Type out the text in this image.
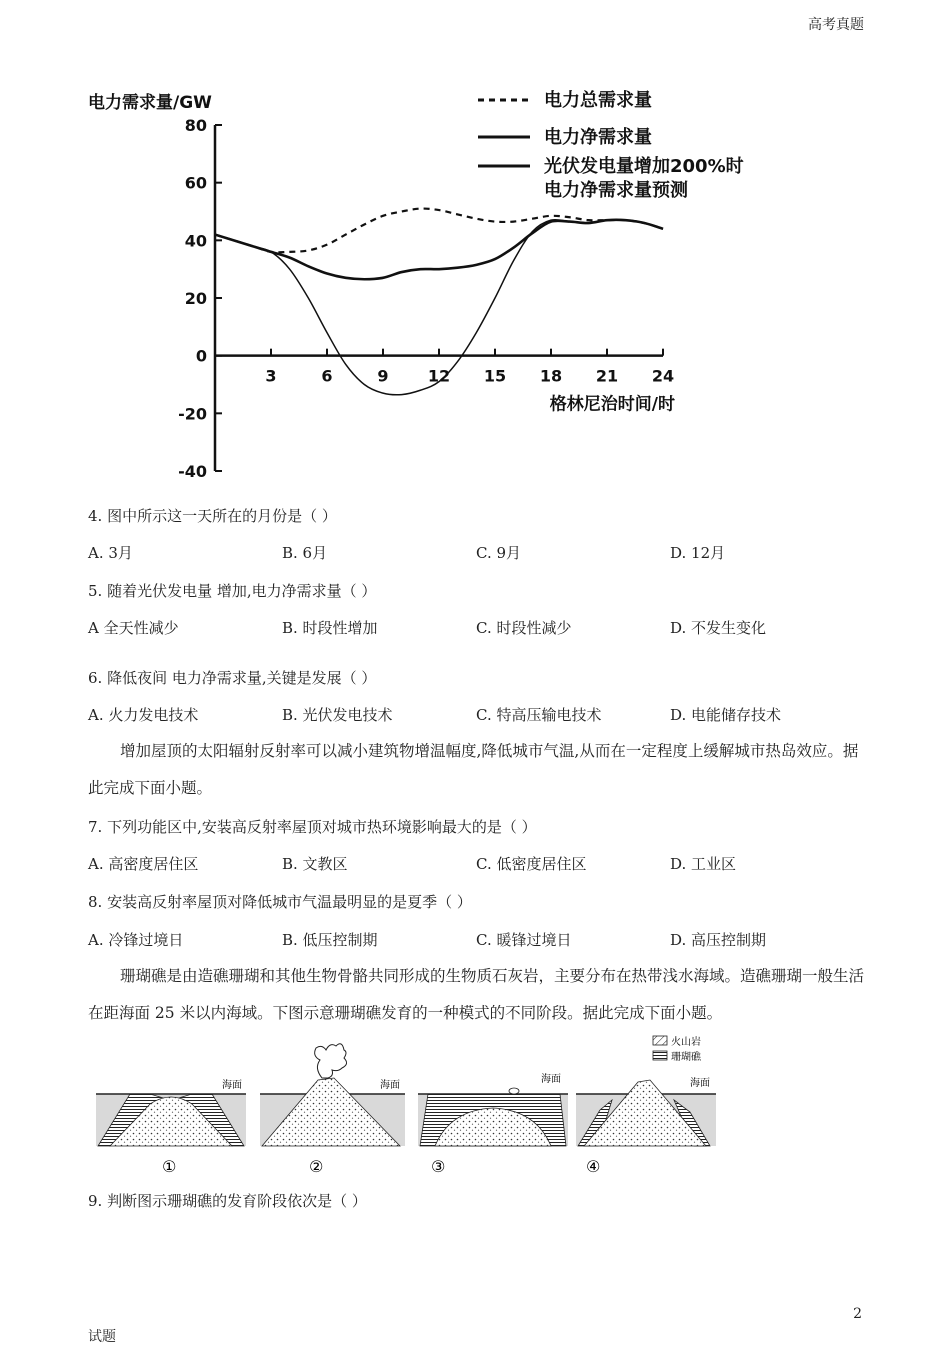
高考真题
电力需求量/GW
80
60
40
20
0
-20
-40
3	6	9 12 15 18 21 24
格林尼治时间/时
电力总需求量
电力净需求量
光伏发电量增加200%时
电力净需求量预测
4. 图中所示这一天所在的月份是（ ）
A. 3月	B. 6月	C. 9月	D. 12月
5. 随着光伏发电量 增加,电力净需求量（ ）
A 全天性减少	B. 时段性增加	C. 时段性减少	D. 不发生变化
6. 降低夜间 电力净需求量,关键是发展（ ）
A. 火力发电技术	B. 光伏发电技术	C. 特高压输电技术	D. 电能储存技术
增加屋顶的太阳辐射反射率可以减小建筑物增温幅度,降低城市气温,从而在一定程度上缓解城市热岛效应。据此完成下面小题。
7. 下列功能区中,安装高反射率屋顶对城市热环境影响最大的是（ ）
A. 高密度居住区	B. 文教区	C. 低密度居住区	D. 工业区
8. 安装高反射率屋顶对降低城市气温最明显的是夏季（ ）
A. 冷锋过境日	B. 低压控制期	C. 暖锋过境日	D. 高压控制期
珊瑚礁是由造礁珊瑚和其他生物骨骼共同形成的生物质石灰岩，主要分布在热带浅水海域。造礁珊瑚一般生活在距海面 25 米以内海域。下图示意珊瑚礁发育的一种模式的不同阶段。据此完成下面小题。
火山岩
珊瑚礁
海面
①
海面
②
海面
③
海面
④
9. 判断图示珊瑚礁的发育阶段依次是（ ）
2
试题
